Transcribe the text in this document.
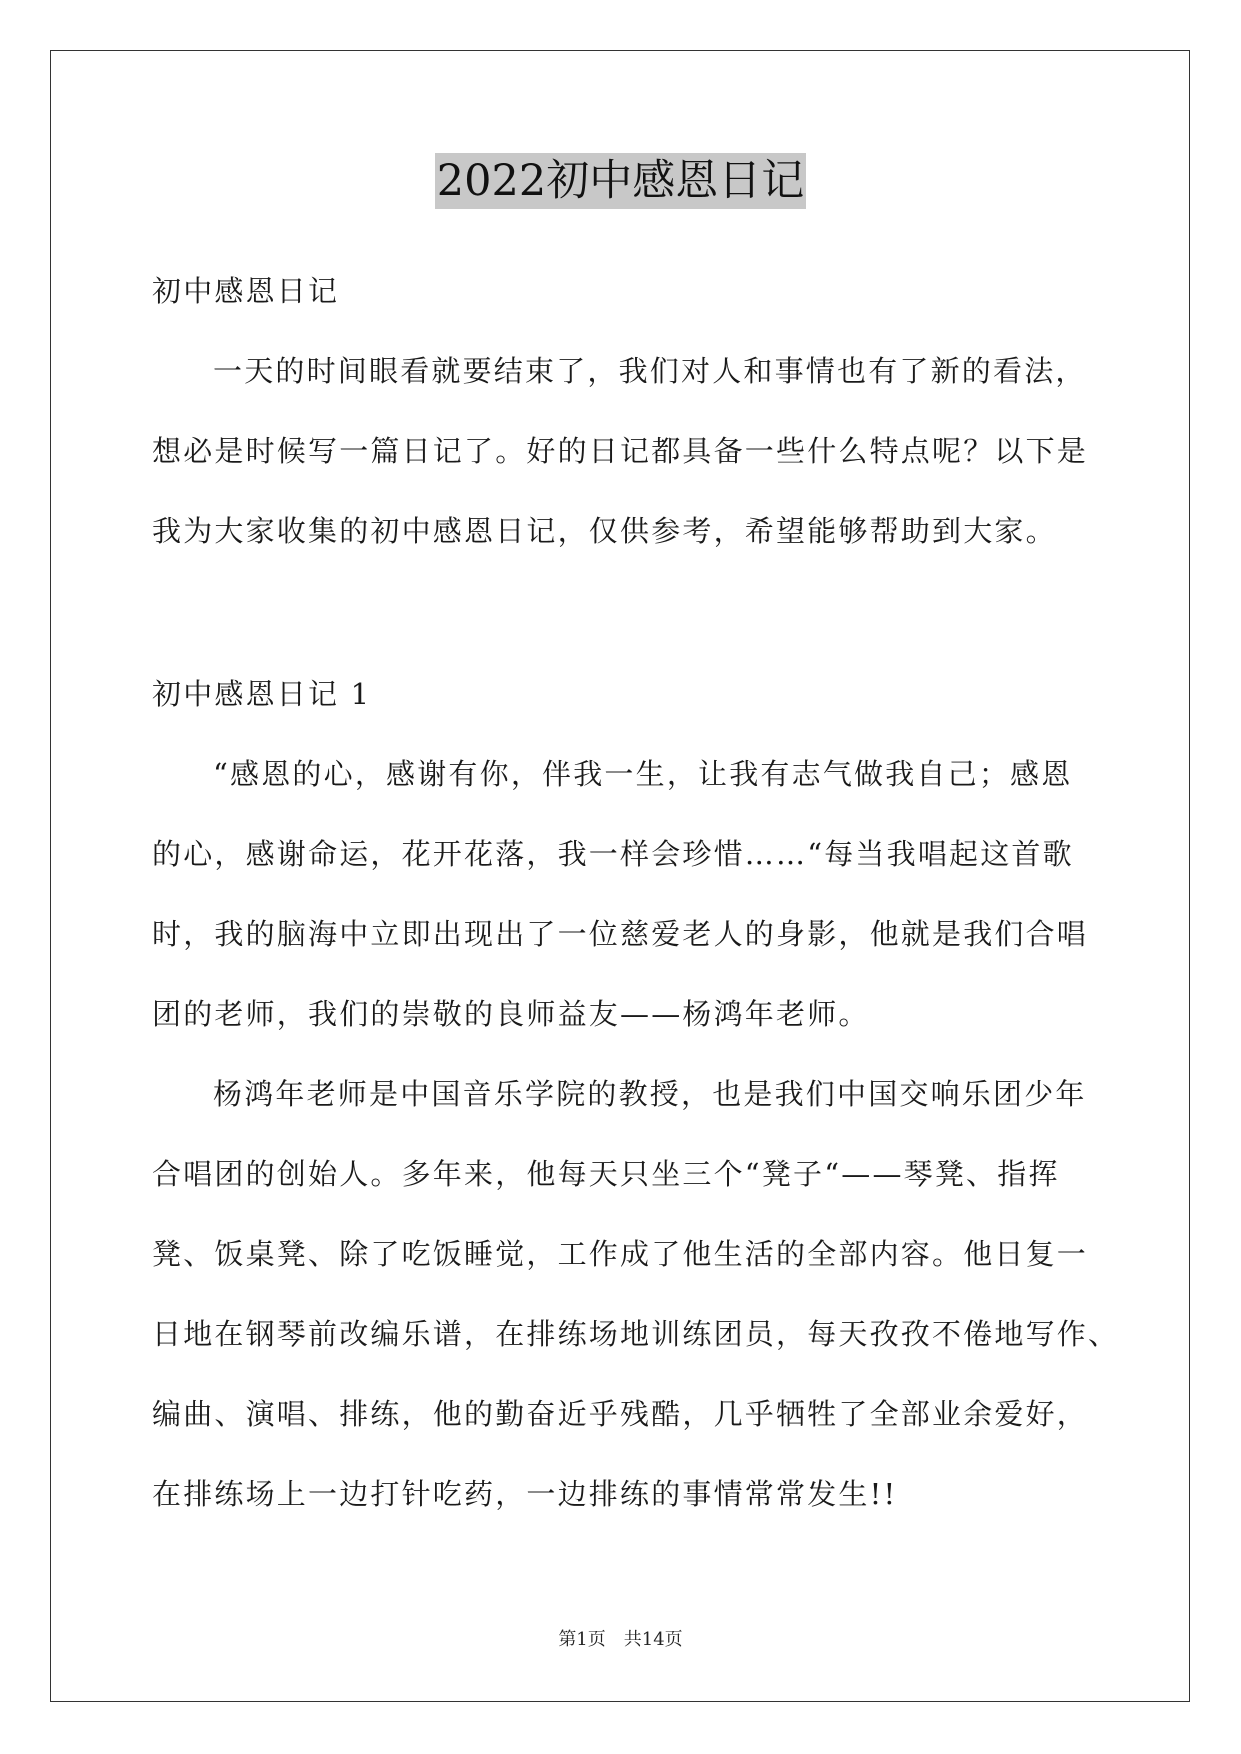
2022初中感恩日记
初中感恩日记
一天的时间眼看就要结束了，我们对人和事情也有了新的看法，
想必是时候写一篇日记了。好的日记都具备一些什么特点呢？以下是
我为大家收集的初中感恩日记，仅供参考，希望能够帮助到大家。
初中感恩日记 1
“感恩的心，感谢有你，伴我一生，让我有志气做我自己；感恩
的心，感谢命运，花开花落，我一样会珍惜……“每当我唱起这首歌
时，我的脑海中立即出现出了一位慈爱老人的身影，他就是我们合唱
团的老师，我们的崇敬的良师益友——杨鸿年老师。
杨鸿年老师是中国音乐学院的教授，也是我们中国交响乐团少年
合唱团的创始人。多年来，他每天只坐三个“凳子“——琴凳、指挥
凳、饭桌凳、除了吃饭睡觉，工作成了他生活的全部内容。他日复一
日地在钢琴前改编乐谱，在排练场地训练团员，每天孜孜不倦地写作、
编曲、演唱、排练，他的勤奋近乎残酷，几乎牺牲了全部业余爱好，
在排练场上一边打针吃药，一边排练的事情常常发生!!
第1页　共14页
